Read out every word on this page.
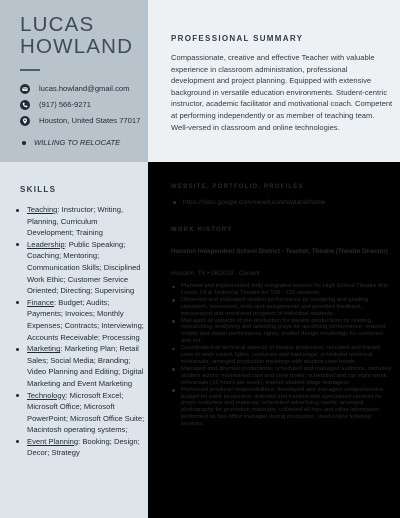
LUCAS
HOWLAND
lucas.howland@gmail.com
(917) 566-9271
Houston, United States 77017
WILLING TO RELOCATE
PROFESSIONAL SUMMARY
Compassionate, creative and effective Teacher with valuable experience in classroom administration, professional development and project planning. Equipped with extensive background in versatile education environments. Student-centric instructor, academic facilitator and motivational coach. Competent at performing independently or as member of teaching team. Well-versed in classroom and online technologies.
SKILLS
Teaching: Instructor; Writing, Planning, Curriculum Development; Training
Leadership: Public Speaking; Coaching; Mentoring; Communication Skills; Disciplined Work Ethic; Customer Service Oriented; Directing; Supervising
Finance: Budget; Audits; Payments; Invoices; Monthly Expenses; Contracts; Interviewing; Accounts Receivable; Processing
Marketing: Marketing Plan; Retail Sales; Social Media; Branding; Video Planning and Editing; Digital Marketing and Event Marketing
Technology: Microsoft Excel; Microsoft Office; Microsoft PowerPoint; Microsoft Office Suite; Macintosh operating systems;
Event Planning: Booking; Design; Decor; Strategy
WEBSITE, PORTFOLIO, PROFILES
https://sites.google.com/view/lucashowland/home
WORK HISTORY
Houston Independent School District - Teacher, Theatre (Theatre Director)
Houston, TX • 08/2019 - Current
Planned and implemented daily integrated lessons for High School Theatre Arts Levels I-II & Technical Theatre for 100 - 120 students.
Observed and evaluated student performance by assigning and grading classwork, homework, tests and assignments and provided feedback, encouraged and monitored progress of individual students.
Managed all aspects of pre-production for theatre productions by reading, researching, analyzing and selecting plays for upcoming performance; ordered scripts and obtain performance rights; drafted design renderings for costumes and set.
Coordinated all technical aspects of theatre production; recruited and trained crew to work sound, lights, costumes and backstage; scheduled technical rehearsals; arranged production meetings with student crew heads.
Managed and directed productions; scheduled and managed auditions, recruited student actors; maintained cast and crew roster; scheduled and ran eight-week rehearsals (16 hours per week); trained student stage managers.
Performed producer responsibilities: developed and managed comprehensive budget for each production; solicited and tracked with specialized vendors for props costumes and make-up; scheduled advertising needs; arranged photography for promotion materials; collected all bios and other information, performed as box office manager during production; used online ticketing services.
